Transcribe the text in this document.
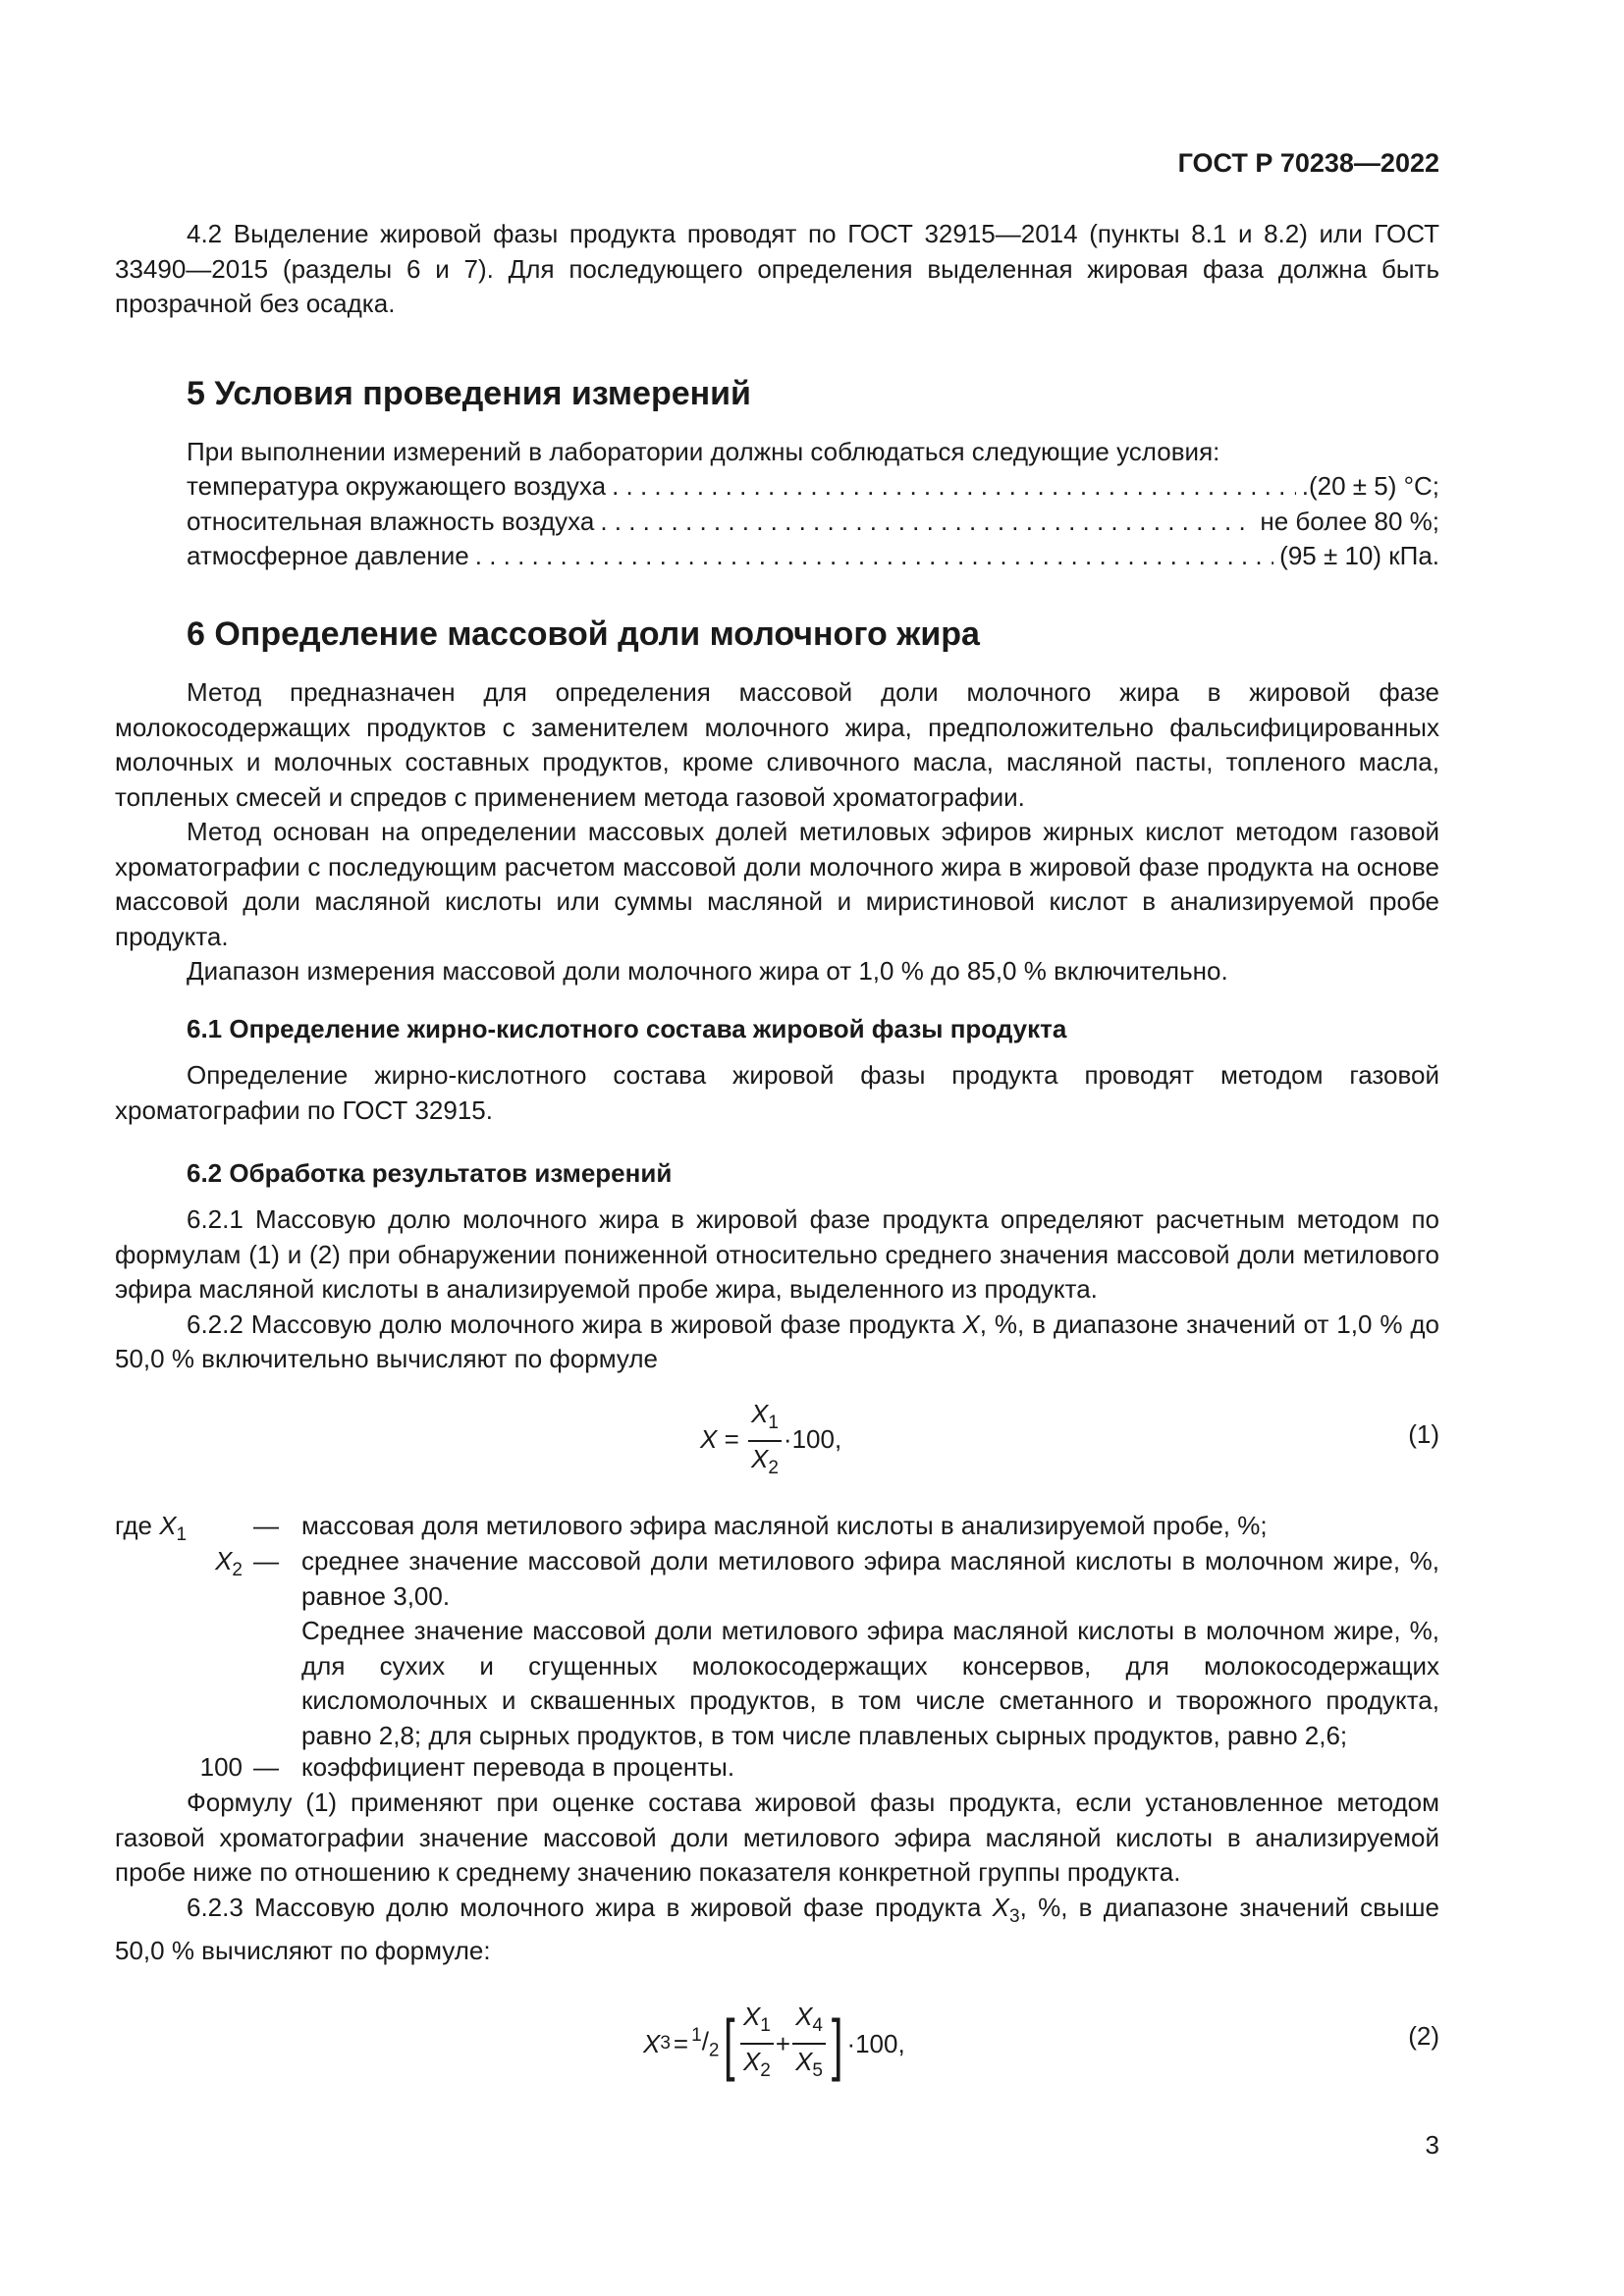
ГОСТ Р 70238—2022

4.2 Выделение жировой фазы продукта проводят по ГОСТ 32915—2014 (пункты 8.1 и 8.2) или ГОСТ 33490—2015 (разделы 6 и 7). Для последующего определения выделенная жировая фаза должна быть прозрачной без осадка.

5 Условия проведения измерений
При выполнении измерений в лаборатории должны соблюдаться следующие условия:
температура окружающего воздуха . . .	.(20 ± 5) °C;
относительная влажность воздуха . . .	не более 80 %;
атмосферное давление . . .	(95 ± 10) кПа.
6 Определение массовой доли молочного жира

Метод предназначен для определения массовой доли молочного жира в жировой фазе молокосодержащих продуктов с заменителем молочного жира, предположительно фальсифицированных молочных и молочных составных продуктов, кроме сливочного масла, масляной пасты, топленого масла, топленых смесей и спредов с применением метода газовой хроматографии.

Метод основан на определении массовых долей метиловых эфиров жирных кислот методом газовой хроматографии с последующим расчетом массовой доли молочного жира в жировой фазе продукта на основе массовой доли масляной кислоты или суммы масляной и миристиновой кислот в анализируемой пробе продукта.

Диапазон измерения массовой доли молочного жира от 1,0 % до 85,0 % включительно.

6.1 Определение жирно-кислотного состава жировой фазы продукта

Определение жирно-кислотного состава жировой фазы продукта проводят методом газовой хроматографии по ГОСТ 32915.

6.2 Обработка результатов измерений

6.2.1 Массовую долю молочного жира в жировой фазе продукта определяют расчетным методом по формулам (1) и (2) при обнаружении пониженной относительно среднего значения массовой доли метилового эфира масляной кислоты в анализируемой пробе жира, выделенного из продукта.

6.2.2 Массовую долю молочного жира в жировой фазе продукта X, %, в диапазоне значений от 1,0 % до 50,0 % включительно вычисляют по формуле

$X = \frac{X_1}{X_2} \cdot 100$,	(1)
где $X_1$	— массовая доля метилового эфира масляной кислоты в анализируемой пробе, %;
$X_2$ — среднее значение массовой доли метилового эфира масляной кислоты в молочном жире, %, равное 3,00.
Среднее значение массовой доли метилового эфира масляной кислоты в молочном жире, %, для сухих и сгущенных молокосодержащих консервов, для молокосодержащих кисломолочных и сквашенных продуктов, в том числе сметанного и творожного продукта, равно 2,8; для сырных продуктов, в том числе плавленых сырных продуктов, равно 2,6;
100 — коэффициент перевода в проценты.

Формулу (1) применяют при оценке состава жировой фазы продукта, если установленное методом газовой хроматографии значение массовой доли метилового эфира масляной кислоты в анализируемой пробе ниже по отношению к среднему значению показателя конкретной группы продукта.

6.2.3 Массовую долю молочного жира в жировой фазе продукта $X_3$, %, в диапазоне значений свыше 50,0 % вычисляют по формуле:

X $3 = ^1/_2$ [ $\frac{X_1}{X_2} + \frac{X_4}{X_5}$ ] ·100,	(2)
3
